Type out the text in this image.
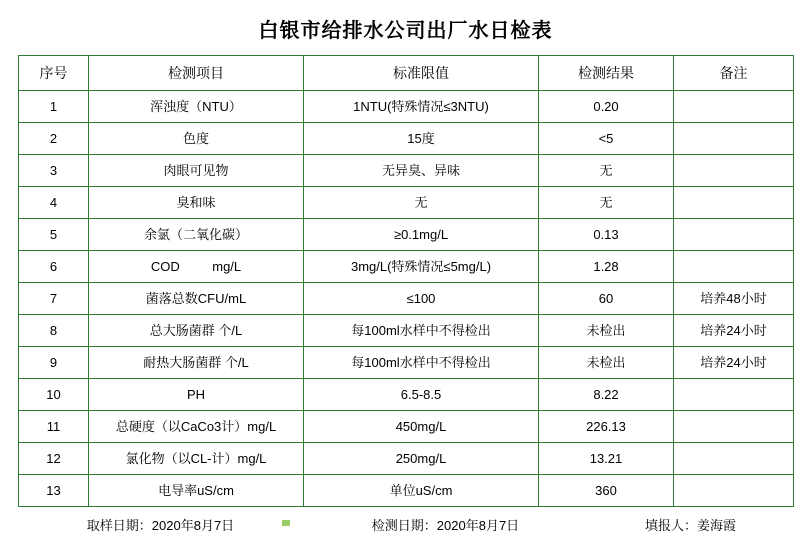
白银市给排水公司出厂水日检表
序号	检测项目	标准限值	检测结果	备注
1	浑浊度（NTU）	1NTU(特殊情况≤3NTU)	0.20	
2	色度	15度	<5	
3	肉眼可见物	无异臭、异味	无	
4	臭和味	无	无	
5	余氯（二氧化碳）	≥0.1mg/L	0.13	
6	COD         mg/L	3mg/L(特殊情况≤5mg/L)	1.28	
7	菌落总数CFU/mL	≤100	60	培养48小时
8	总大肠菌群 个/L	每100ml水样中不得检出	未检出	培养24小时
9	耐热大肠菌群 个/L	每100ml水样中不得检出	未检出	培养24小时
10	PH	6.5-8.5	8.22	
11	总硬度（以CaCo3计）mg/L	450mg/L	226.13	
12	氯化物（以CL-计）mg/L	250mg/L	13.21	
13	电导率uS/cm	单位uS/cm	360	
取样日期：2020年8月7日	检测日期：2020年8月7日	填报人：姜海霞
